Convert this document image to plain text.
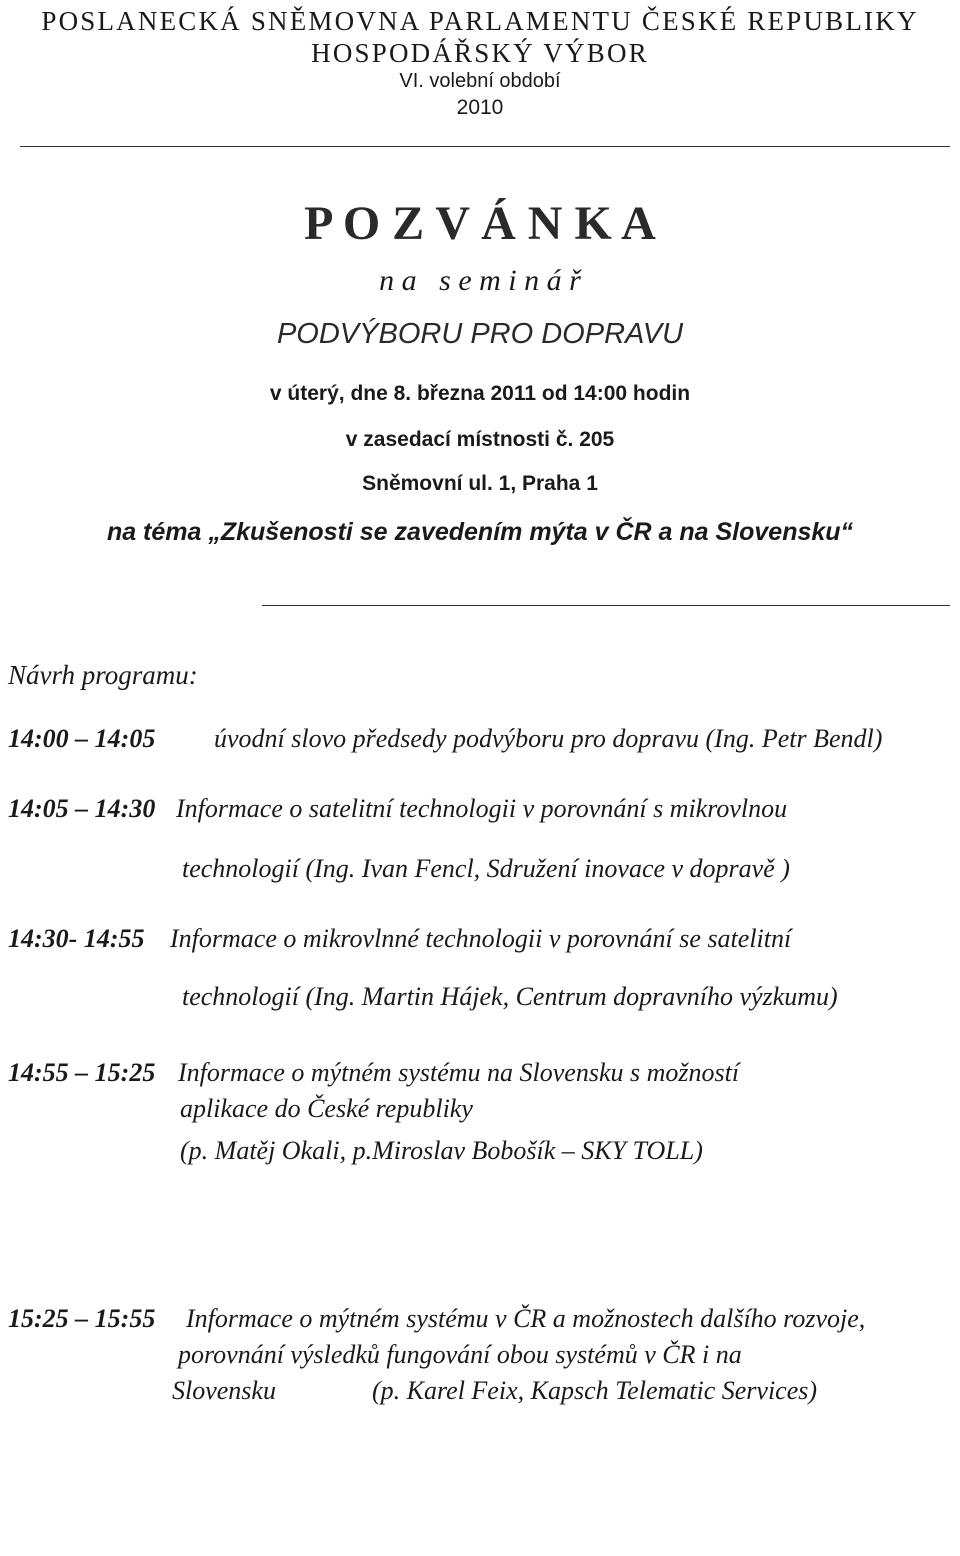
POSLANECKÁ SNĚMOVNA PARLAMENTU ČESKÉ REPUBLIKY
HOSPODÁŘSKÝ VÝBOR
VI. volební období
2010
P O Z V Á N K A
n a   s e m i n á ř
PODVÝBORU PRO DOPRAVU
v úterý, dne 8. března 2011 od 14:00 hodin
v zasedací místnosti č. 205
Sněmovní ul. 1, Praha 1
na téma „Zkušenosti se zavedením mýta v ČR a na Slovensku“
Návrh programu:
14:00 – 14:05 úvodní slovo předsedy podvýboru pro dopravu (Ing. Petr Bendl)
14:05 – 14:30 Informace o satelitní technologii v porovnání s mikrovlnou
technologií (Ing. Ivan Fencl, Sdružení inovace v dopravě )
14:30- 14:55 Informace o mikrovlnné technologii v porovnání se satelitní
technologií (Ing. Martin Hájek, Centrum dopravního výzkumu)
14:55 – 15:25 Informace o mýtném systému na Slovensku s možností
aplikace do České republiky
(p. Matěj Okali, p.Miroslav Bobošík – SKY TOLL)
15:25 – 15:55 Informace o mýtném systému v ČR a možnostech dalšího rozvoje,
porovnání výsledků fungování obou systémů v ČR i na
Slovensku	(p. Karel Feix, Kapsch Telematic Services)
